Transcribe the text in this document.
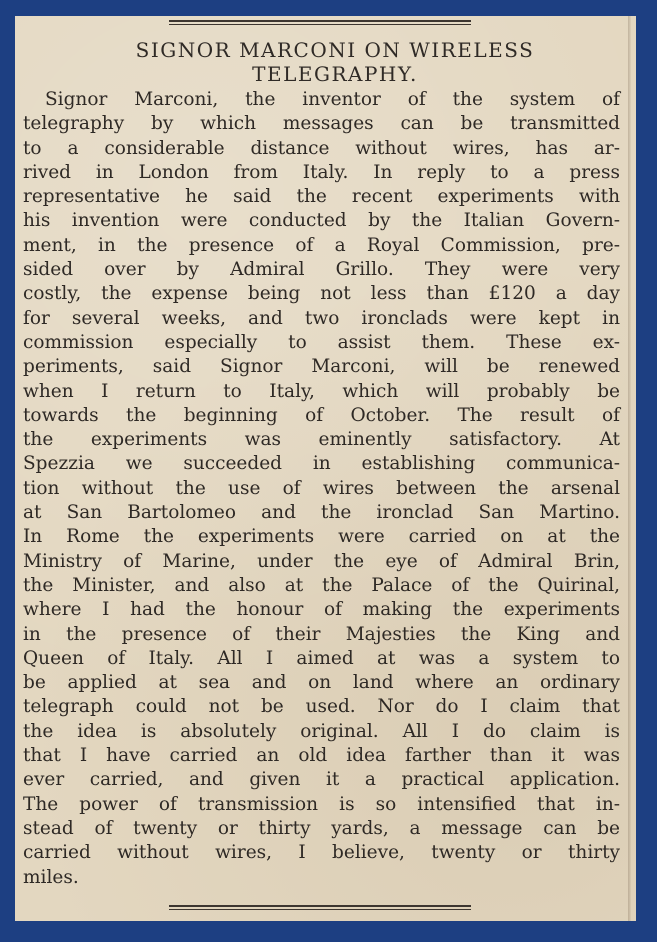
SIGNOR MARCONI ON WIRELESS
TELEGRAPHY.
Signor Marconi, the inventor of the system of
telegraphy by which messages can be transmitted
to a considerable distance without wires, has ar-
rived in London from Italy. In reply to a press
representative he said the recent experiments with
his invention were conducted by the Italian Govern-
ment, in the presence of a Royal Commission, pre-
sided over by Admiral Grillo. They were very
costly, the expense being not less than £120 a day
for several weeks, and two ironclads were kept in
commission especially to assist them. These ex-
periments, said Signor Marconi, will be renewed
when I return to Italy, which will probably be
towards the beginning of October. The result of
the experiments was eminently satisfactory. At
Spezzia we succeeded in establishing communica-
tion without the use of wires between the arsenal
at San Bartolomeo and the ironclad San Martino.
In Rome the experiments were carried on at the
Ministry of Marine, under the eye of Admiral Brin,
the Minister, and also at the Palace of the Quirinal,
where I had the honour of making the experiments
in the presence of their Majesties the King and
Queen of Italy. All I aimed at was a system to
be applied at sea and on land where an ordinary
telegraph could not be used. Nor do I claim that
the idea is absolutely original. All I do claim is
that I have carried an old idea farther than it was
ever carried, and given it a practical application.
The power of transmission is so intensified that in-
stead of twenty or thirty yards, a message can be
carried without wires, I believe, twenty or thirty
miles.
